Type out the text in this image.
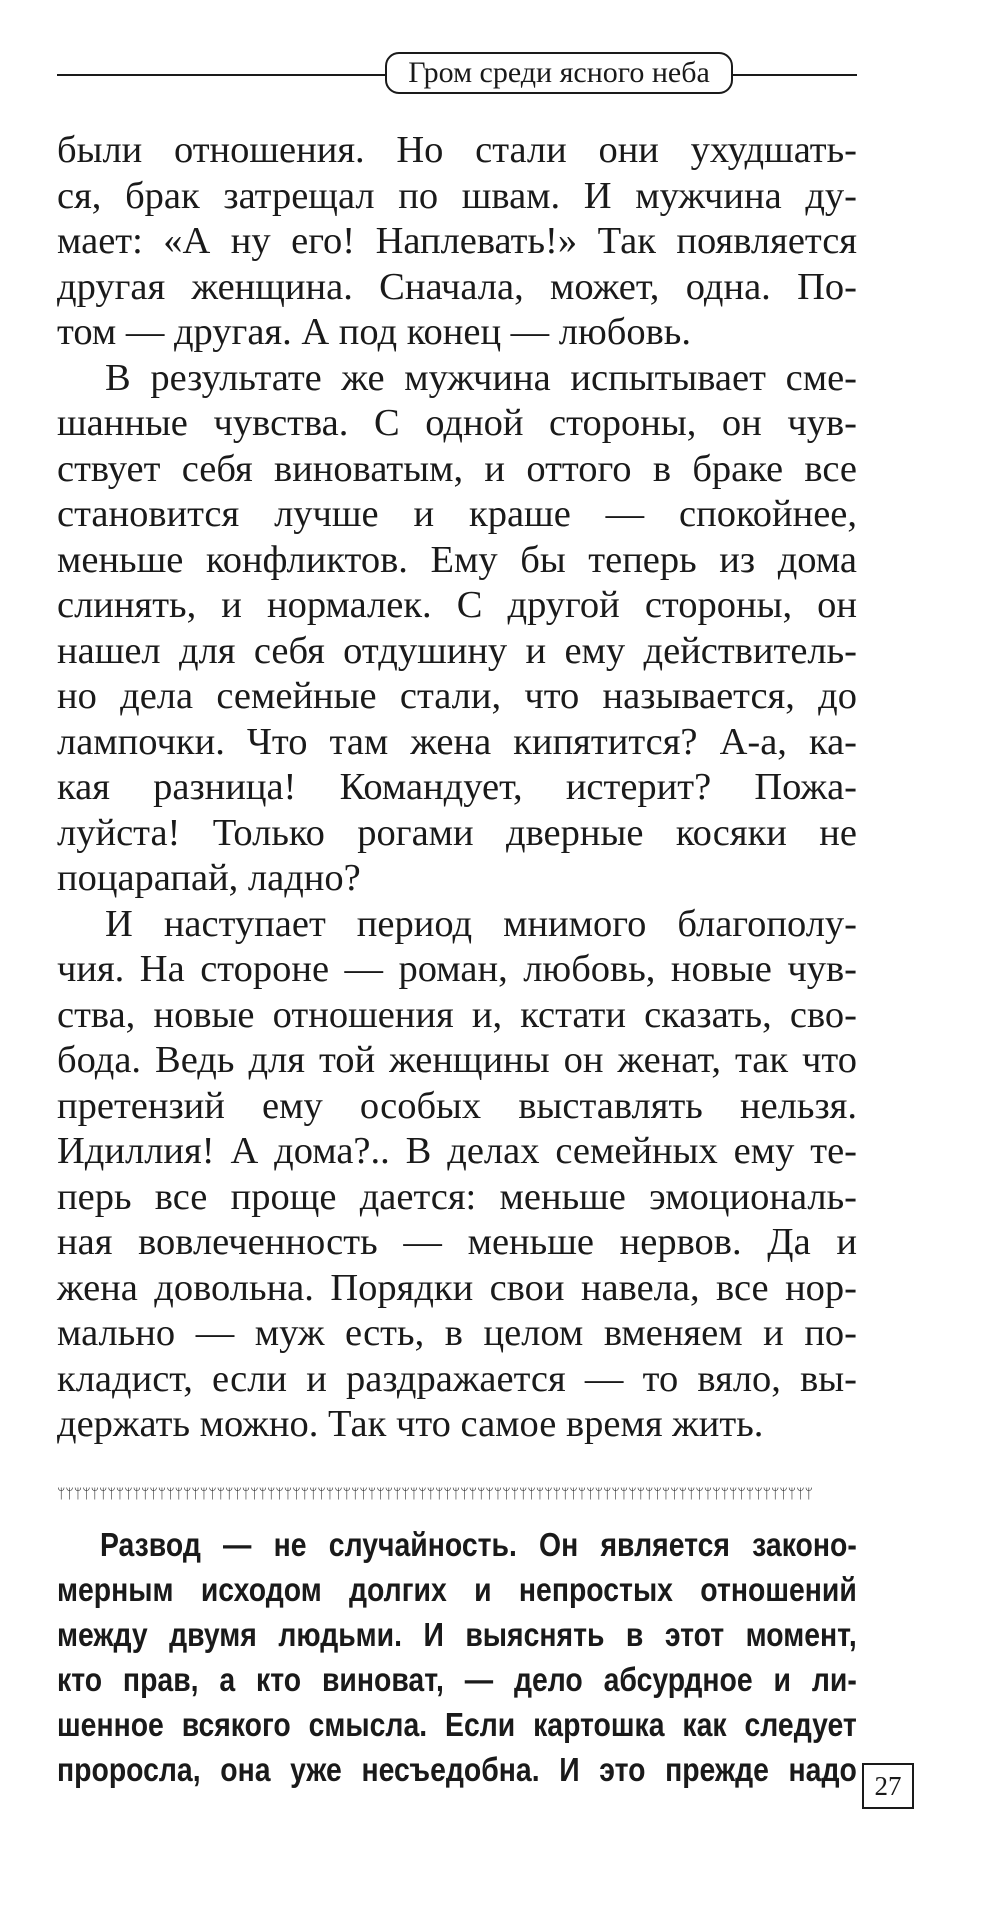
Гром среди ясного неба

были отношения. Но стали они ухудшать-
ся, брак затрещал по швам. И мужчина ду-
мает: «А ну его! Наплевать!» Так появляется
другая женщина. Сначала, может, одна. По-
том — другая. А под конец — любовь.

В результате же мужчина испытывает сме-
шанные чувства. С одной стороны, он чув-
ствует себя виноватым, и оттого в браке все
становится лучше и краше — спокойнее,
меньше конфликтов. Ему бы теперь из дома
слинять, и нормалек. С другой стороны, он
нашел для себя отдушину и ему действитель-
но дела семейные стали, что называется, до
лампочки. Что там жена кипятится? А-а, ка-
кая разница! Командует, истерит? Пожа-
луйста! Только рогами дверные косяки не
поцарапай, ладно?

И наступает период мнимого благополу-
чия. На стороне — роман, любовь, новые чув-
ства, новые отношения и, кстати сказать, сво-
бода. Ведь для той женщины он женат, так что
претензий ему особых выставлять нельзя.
Идиллия! А дома?.. В делах семейных ему те-
перь все проще дается: меньше эмоциональ-
ная вовлеченность — меньше нервов. Да и
жена довольна. Порядки свои навела, все нор-
мально — муж есть, в целом вменяем и по-
кладист, если и раздражается — то вяло, вы-
держать можно. Так что самое время жить.

ᛘᛘᛘᛘᛘᛘᛘᛘᛘᛘᛘᛘᛘᛘᛘᛘᛘᛘᛘᛘᛘᛘᛘᛘᛘᛘᛘᛘᛘᛘᛘᛘᛘᛘᛘᛘᛘᛘᛘᛘᛘᛘᛘᛘᛘᛘᛘᛘᛘᛘᛘᛘᛘᛘᛘᛘᛘᛘᛘᛘᛘᛘᛘᛘᛘᛘᛘᛘᛘᛘᛘᛘᛘᛘᛘᛘᛘᛘᛘᛘᛘᛘᛘᛘᛘᛘᛘᛘᛘᛘ
Развод — не случайность. Он является законо-
мерным исходом долгих и непростых отношений
между двумя людьми. И выяснять в этот момент,
кто прав, а кто виноват, — дело абсурдное и ли-
шенное всякого смысла. Если картошка как следует
проросла, она уже несъедобна. И это прежде надо 27
